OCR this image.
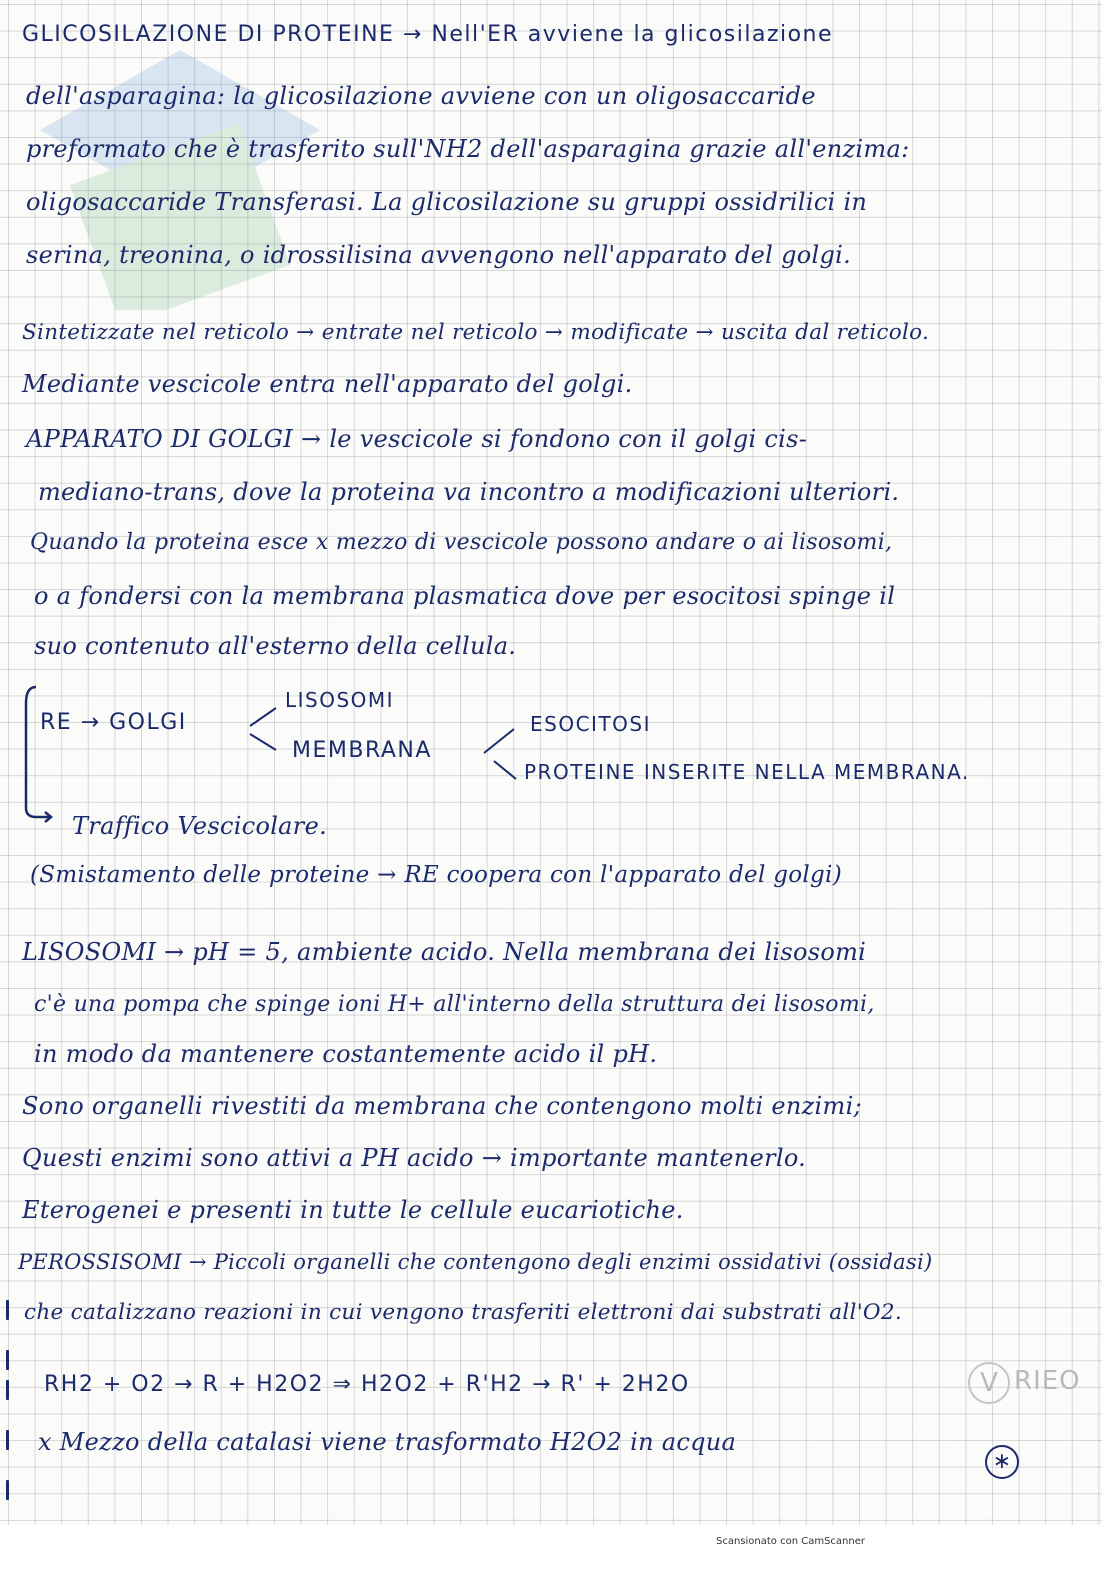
GLICOSILAZIONE DI PROTEINE → Nell'ER avviene la glicosilazione

dell'asparagina: la glicosilazione avviene con un oligosaccaride

preformato che è trasferito sull'NH2 dell'asparagina grazie all'enzima:

oligosaccaride Transferasi. La glicosilazione su gruppi ossidrilici in

serina, treonina, o idrossilisina avvengono nell'apparato del golgi.

Sintetizzate nel reticolo → entrate nel reticolo → modificate → uscita dal reticolo.

Mediante vescicole entra nell'apparato del golgi.

APPARATO DI GOLGI → le vescicole si fondono con il golgi cis-

mediano-trans, dove la proteina va incontro a modificazioni ulteriori.

Quando la proteina esce x mezzo di vescicole possono andare o ai lisosomi,

o a fondersi con la membrana plasmatica dove per esocitosi spinge il

suo contenuto all'esterno della cellula.

LISOSOMI

RE → GOLGI	ESOCITOSI

MEMBRANA

PROTEINE INSERITE NELLA MEMBRANA.

Traffico Vescicolare.

(Smistamento delle proteine → RE coopera con l'apparato del golgi)

LISOSOMI → pH = 5, ambiente acido. Nella membrana dei lisosomi

c'è una pompa che spinge ioni H+ all'interno della struttura dei lisosomi,

in modo da mantenere costantemente acido il pH.

Sono organelli rivestiti da membrana che contengono molti enzimi;

Questi enzimi sono attivi a PH acido → importante mantenerlo.

Eterogenei e presenti in tutte le cellule eucariotiche.

PEROSSISOMI → Piccoli organelli che contengono degli enzimi ossidativi (ossidasi)

che catalizzano reazioni in cui vengono trasferiti elettroni dai substrati all'O2.

RH2 + O2 → R + H2O2 ⇒ H2O2 + R'H2 → R' + 2H2O

x Mezzo della catalasi viene trasformato H2O2 in acqua

V RIEO
∗
Scansionato con CamScanner
